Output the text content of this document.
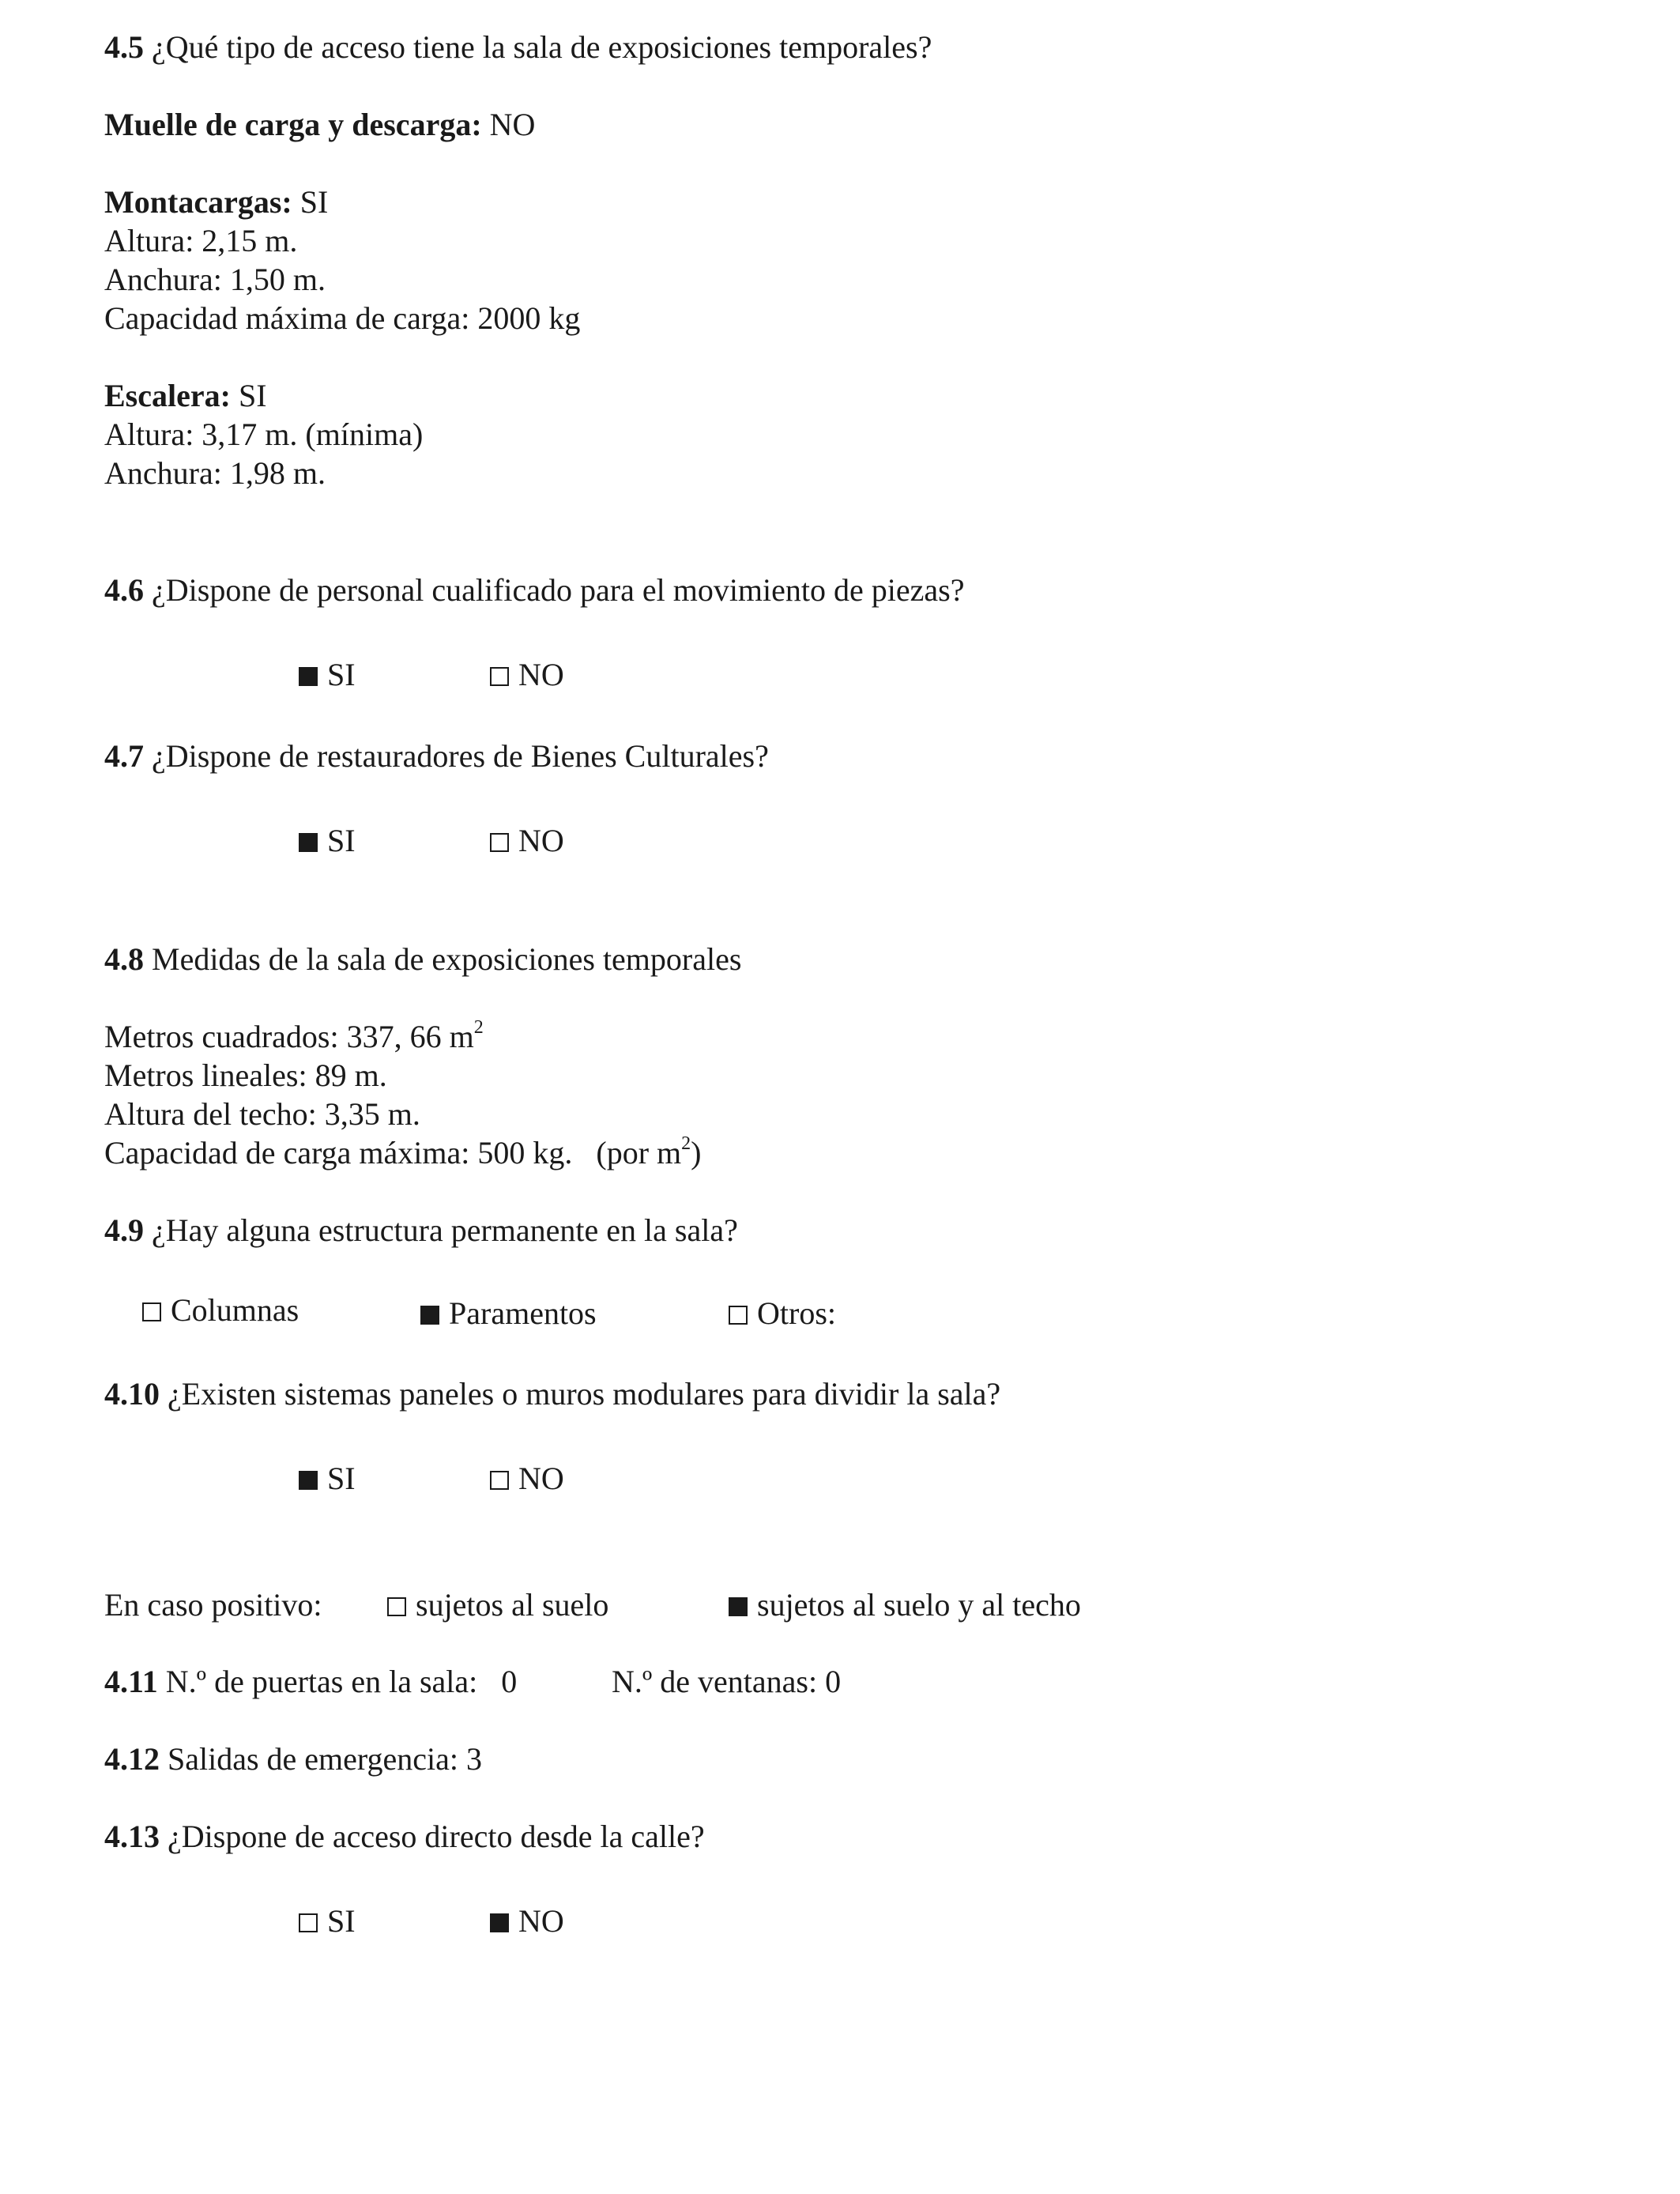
4.5 ¿Qué tipo de acceso tiene la sala de exposiciones temporales?
Muelle de carga y descarga: NO
Montacargas: SI
Altura: 2,15 m.
Anchura: 1,50 m.
Capacidad máxima de carga: 2000 kg
Escalera: SI
Altura: 3,17 m. (mínima)
Anchura: 1,98 m.
4.6 ¿Dispone de personal cualificado para el movimiento de piezas?
SI	NO
4.7 ¿Dispone de restauradores de Bienes Culturales?
SI	NO
4.8 Medidas de la sala de exposiciones temporales
Metros cuadrados: 337, 66 $m^2$
Metros lineales: 89 m.
Altura del techo: 3,35 m.
Capacidad de carga máxima: 500 kg.   (por $m^2$)
4.9 ¿Hay alguna estructura permanente en la sala?
Columnas	Paramentos	Otros:
4.10 ¿Existen sistemas paneles o muros modulares para dividir la sala?
SI	NO
En caso positivo:	sujetos al suelo	sujetos al suelo y al techo
4.11 N.º de puertas en la sala:   0	N.º de ventanas: 0
4.12 Salidas de emergencia: 3
4.13 ¿Dispone de acceso directo desde la calle?
SI	NO
